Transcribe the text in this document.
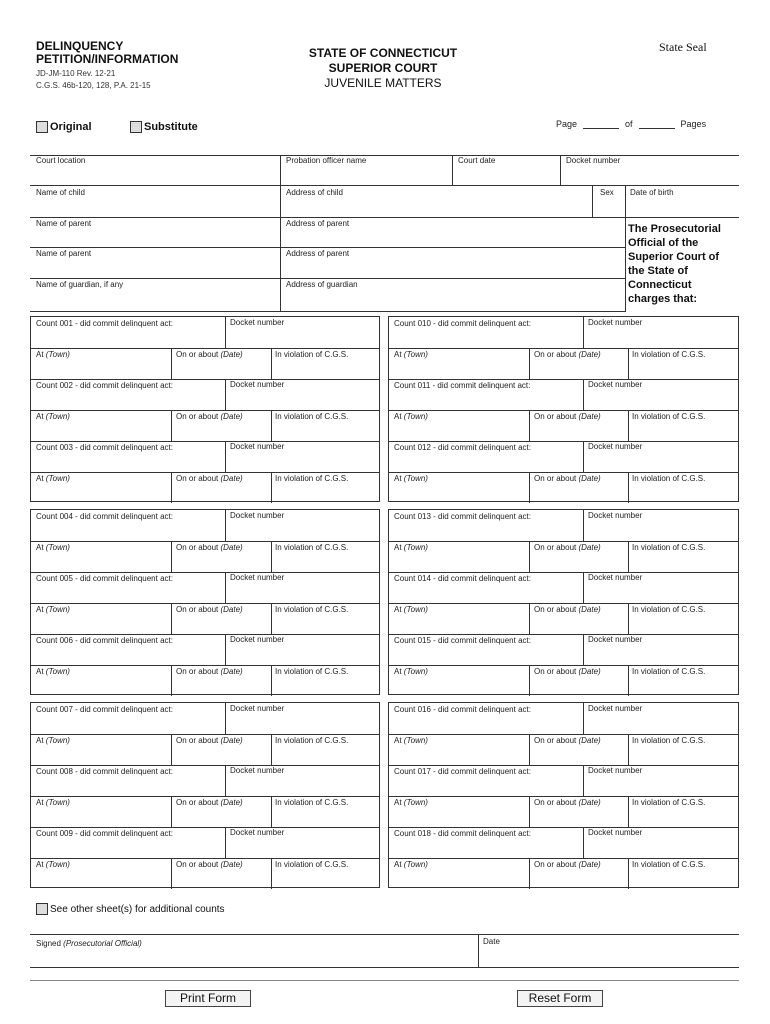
DELINQUENCY
PETITION/INFORMATION
JD-JM-110 Rev. 12-21
C.G.S. 46b-120, 128, P.A. 21-15
STATE OF CONNECTICUT
SUPERIOR COURT
JUVENILE MATTERS
State Seal
Original	Substitute	Page	of	Pages
Court location	Probation officer name	Court date	Docket number
Name of child	Address of child	Sex Date of birth
Name of parent	Address of parent
Name of parent	Address of parent
Name of guardian, if any	Address of guardian
The Prosecutorial Official of the Superior Court of the State of Connecticut charges that:
Count 001 - did commit delinquent act:	Docket number
At (Town)	On or about (Date)	In violation of C.G.S.
Count 002 - did commit delinquent act:	Docket number
At (Town)	On or about (Date)	In violation of C.G.S.
Count 003 - did commit delinquent act:	Docket number
At (Town)	On or about (Date)	In violation of C.G.S.
Count 004 - did commit delinquent act:	Docket number
At (Town)	On or about (Date)	In violation of C.G.S.
Count 005 - did commit delinquent act:	Docket number
At (Town)	On or about (Date)	In violation of C.G.S.
Count 006 - did commit delinquent act:	Docket number
At (Town)	On or about (Date)	In violation of C.G.S.
Count 007 - did commit delinquent act:	Docket number
At (Town)	On or about (Date)	In violation of C.G.S.
Count 008 - did commit delinquent act:	Docket number
At (Town)	On or about (Date)	In violation of C.G.S.
Count 009 - did commit delinquent act:	Docket number
At (Town)	On or about (Date)	In violation of C.G.S.
Count 010 - did commit delinquent act:	Docket number
At (Town)	On or about (Date)	In violation of C.G.S.
Count 011 - did commit delinquent act:	Docket number
At (Town)	On or about (Date)	In violation of C.G.S.
Count 012 - did commit delinquent act:	Docket number
At (Town)	On or about (Date)	In violation of C.G.S.
Count 013 - did commit delinquent act:	Docket number
At (Town)	On or about (Date)	In violation of C.G.S.
Count 014 - did commit delinquent act:	Docket number
At (Town)	On or about (Date)	In violation of C.G.S.
Count 015 - did commit delinquent act:	Docket number
At (Town)	On or about (Date)	In violation of C.G.S.
Count 016 - did commit delinquent act:	Docket number
At (Town)	On or about (Date)	In violation of C.G.S.
Count 017 - did commit delinquent act:	Docket number
At (Town)	On or about (Date)	In violation of C.G.S.
Count 018 - did commit delinquent act:	Docket number
At (Town)	On or about (Date)	In violation of C.G.S.
See other sheet(s) for additional counts
Signed (Prosecutorial Official)	Date
Print Form	Reset Form
